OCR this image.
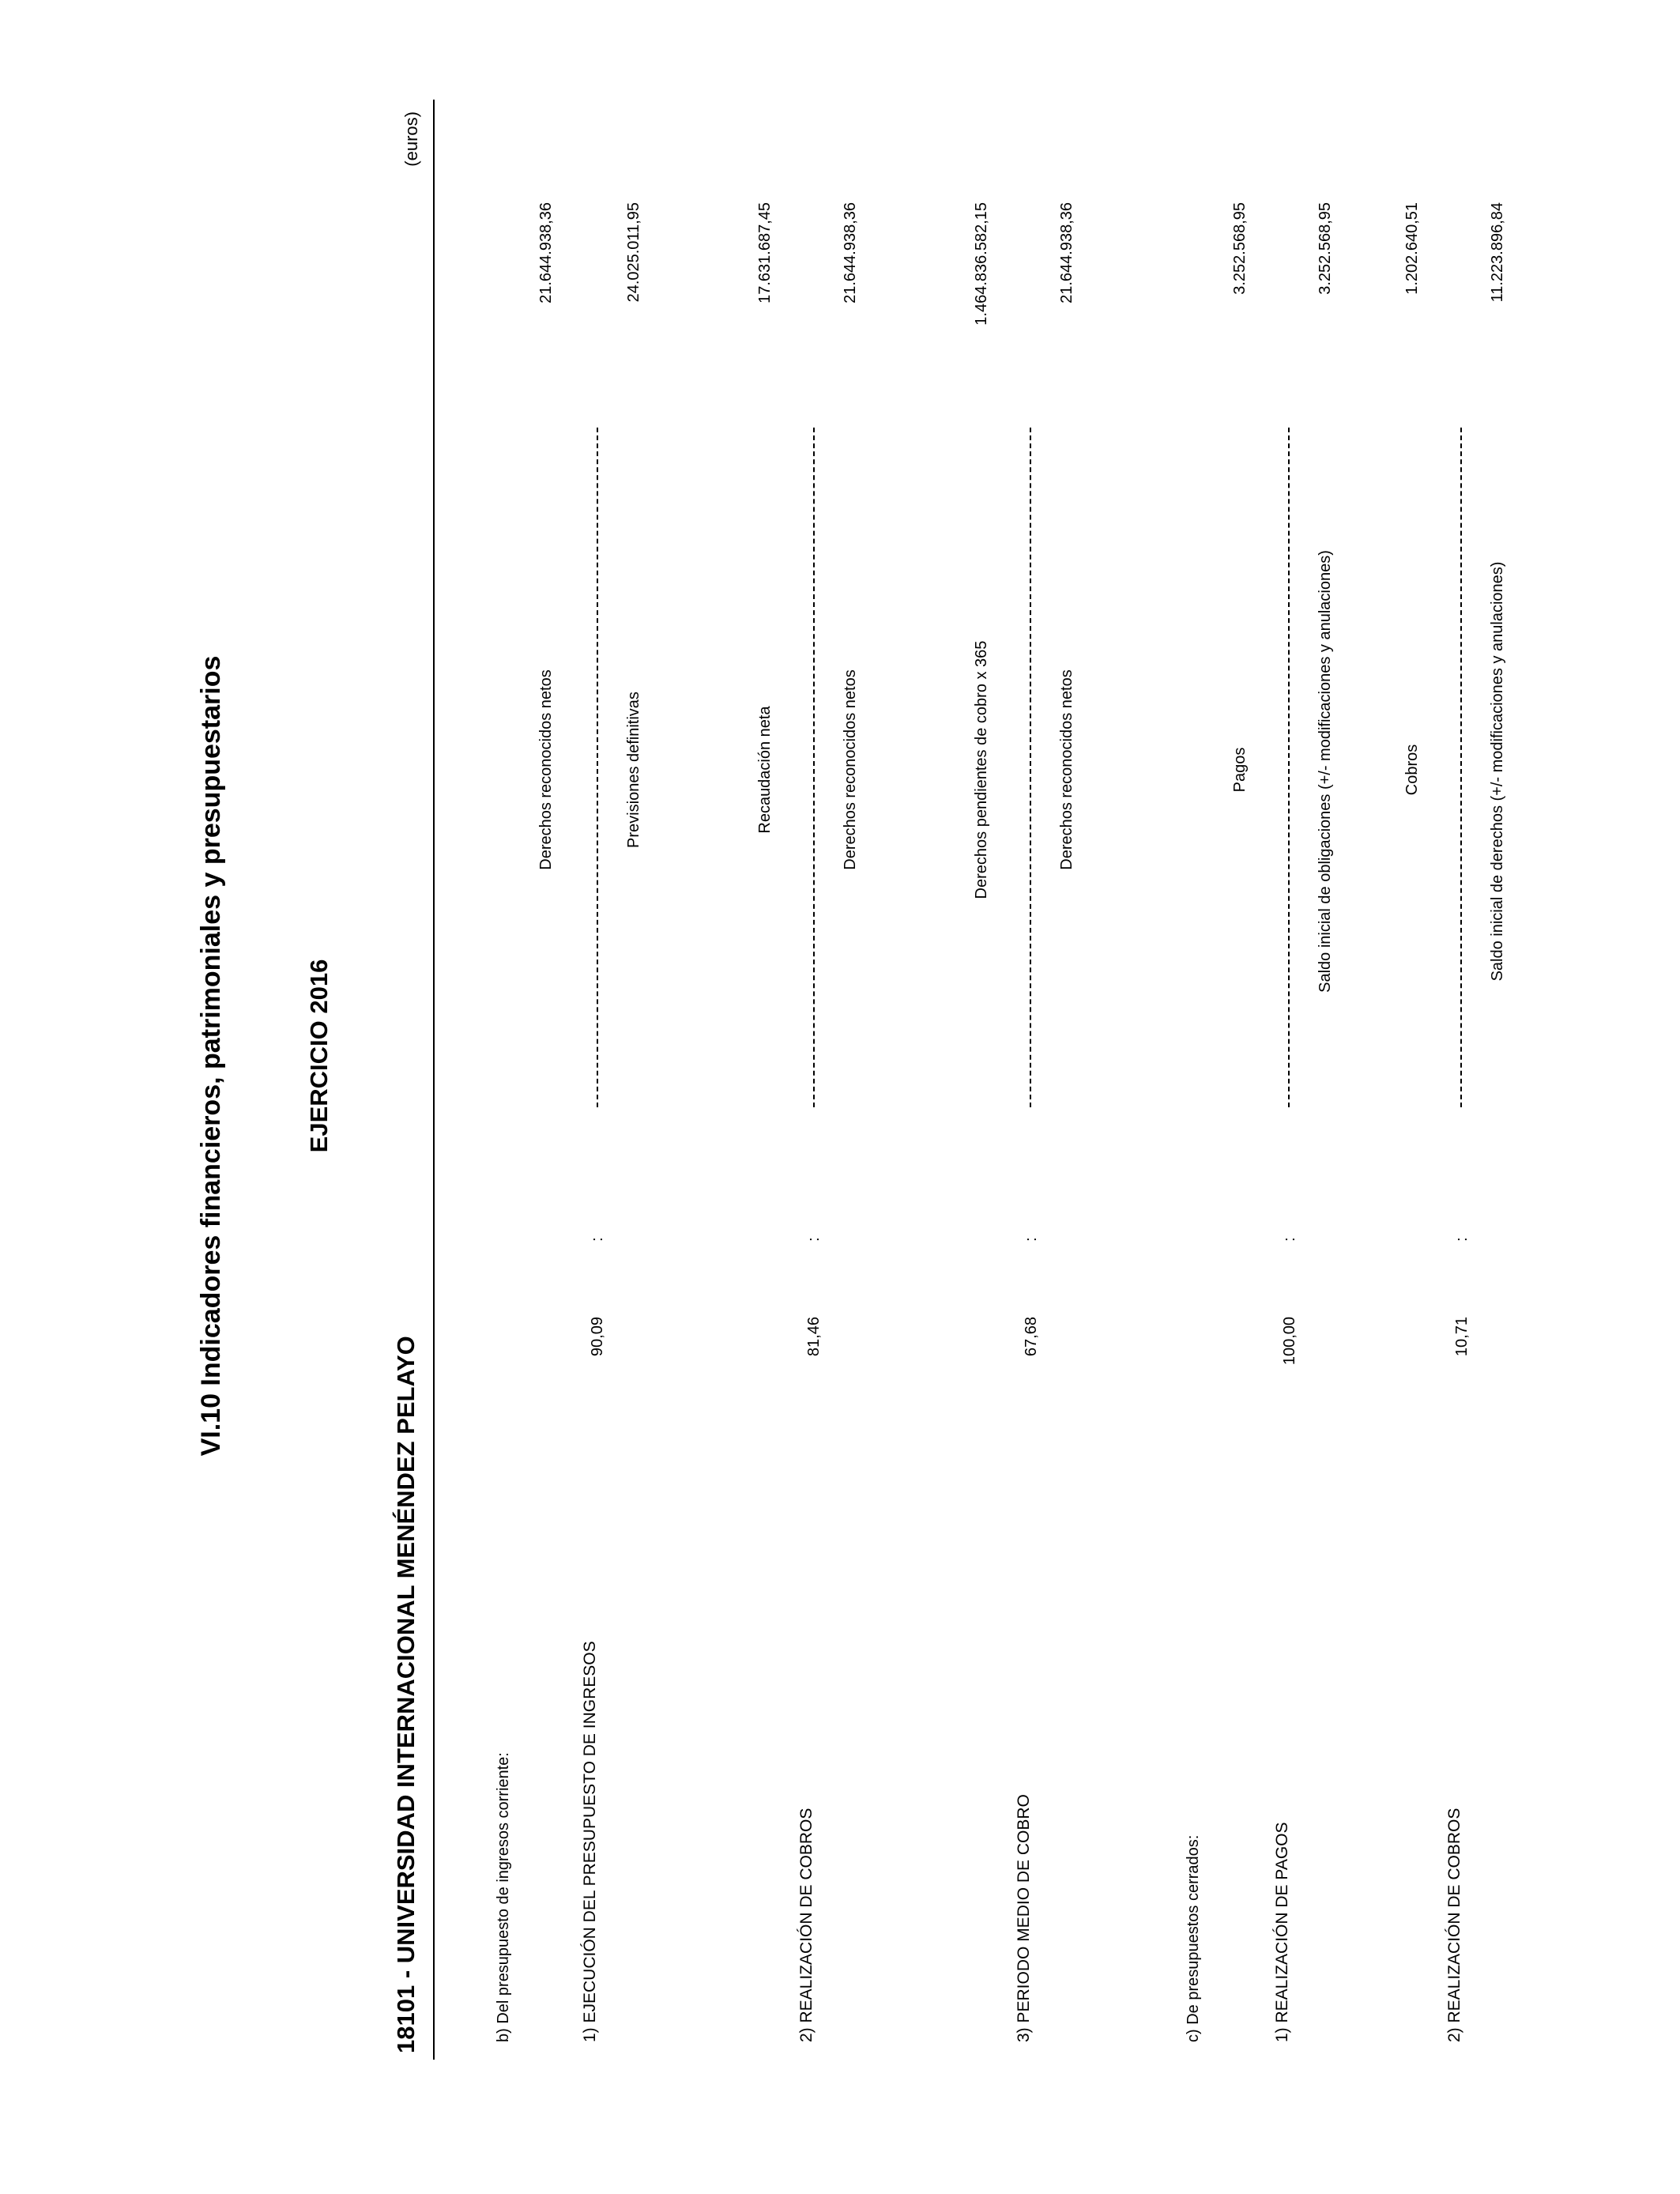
VI.10 Indicadores financieros, patrimoniales y presupuestarios	EJERCICIO 2016
18101 - UNIVERSIDAD INTERNACIONAL MENÉNDEZ PELAYO
(euros)
b) Del presupuesto de ingresos corriente:	1) EJECUCIÓN DEL PRESUPUESTO DE INGRESOS
90,09
:
Derechos reconocidos netos	Previsiones definitivas
21.644.938,36	24.025.011,95
2) REALIZACIÓN DE COBROS
81,46
:
Recaudación neta	Derechos reconocidos netos
17.631.687,45	21.644.938,36
3) PERIODO MEDIO DE COBRO
67,68
:
Derechos pendientes de cobro x 365	Derechos reconocidos netos
1.464.836.582,15	21.644.938,36
c) De presupuestos cerrados:	1) REALIZACIÓN DE PAGOS
100,00
:
Pagos	Saldo inicial de obligaciones (+/- modificaciones y anulaciones)
3.252.568,95	3.252.568,95
2) REALIZACIÓN DE COBROS
10,71
:
Cobros	Saldo inicial de derechos (+/- modificaciones y anulaciones)
1.202.640,51	11.223.896,84
